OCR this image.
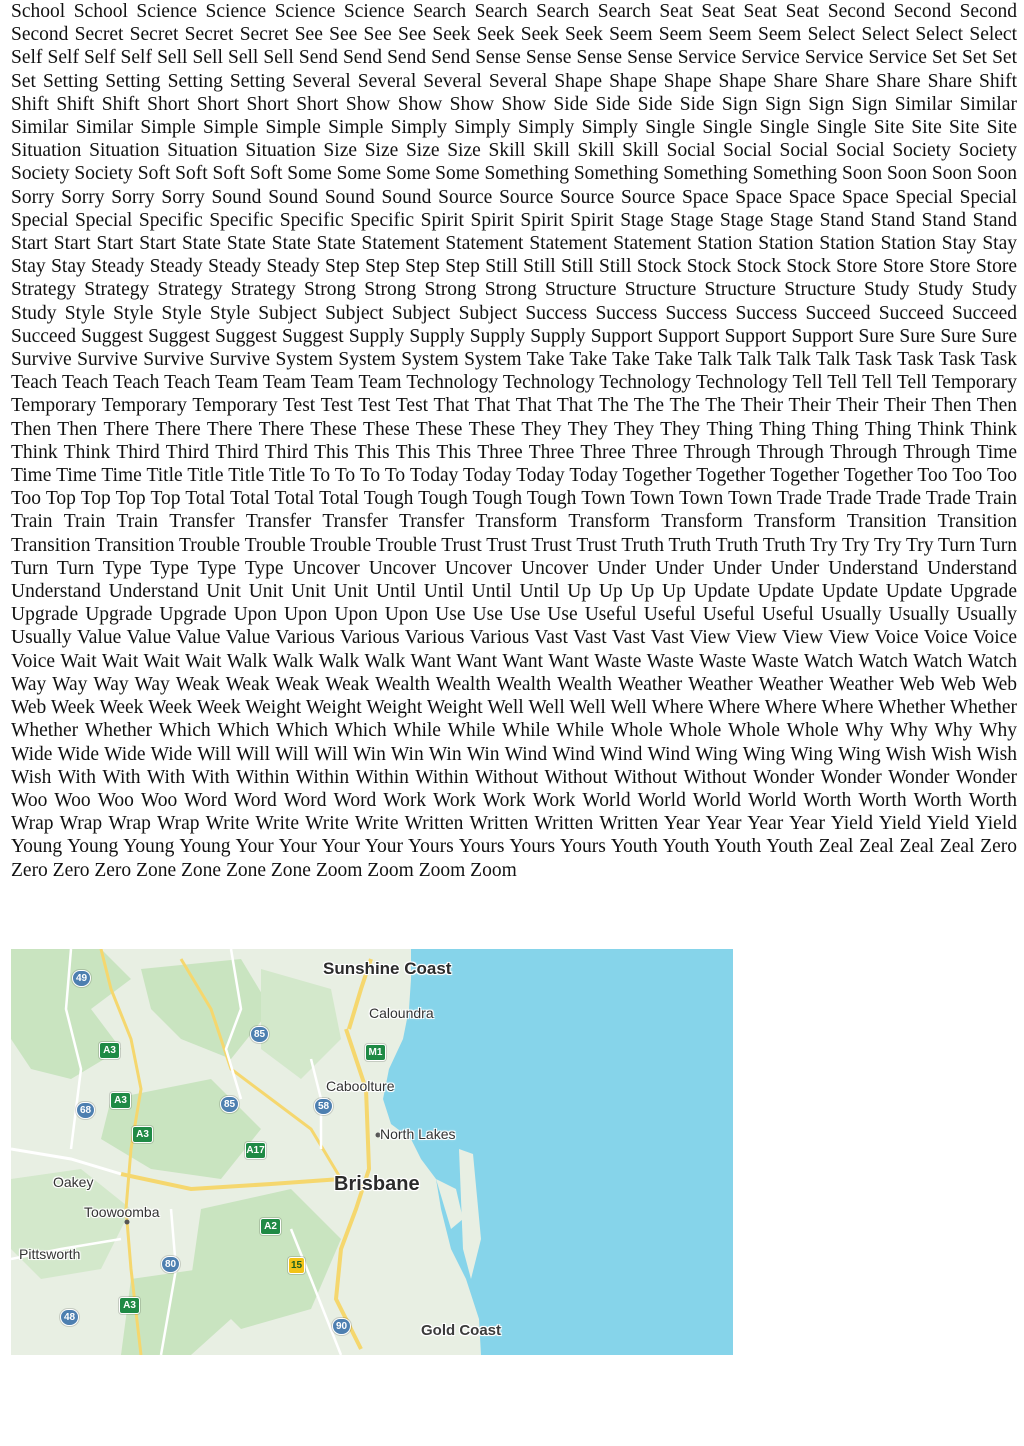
School School Science Science Science Science Search Search Search Search Seat Seat Seat Seat Second Second Second Second Secret Secret Secret Secret See See See See Seek Seek Seek Seek Seem Seem Seem Seem Select Select Select Select Self Self Self Self Sell Sell Sell Sell Send Send Send Send Sense Sense Sense Sense Service Service Service Service Set Set Set Set Setting Setting Setting Setting Several Several Several Several Shape Shape Shape Shape Share Share Share Share Shift Shift Shift Shift Short Short Short Short Show Show Show Show Side Side Side Side Sign Sign Sign Sign Similar Similar Similar Similar Simple Simple Simple Simple Simply Simply Simply Simply Single Single Single Single Site Site Site Site Situation Situation Situation Situation Size Size Size Size Skill Skill Skill Skill Social Social Social Social Society Society Society Society Soft Soft Soft Soft Some Some Some Some Something Something Something Something Soon Soon Soon Soon Sorry Sorry Sorry Sorry Sound Sound Sound Sound Source Source Source Source Space Space Space Space Special Special Special Special Specific Specific Specific Specific Spirit Spirit Spirit Spirit Stage Stage Stage Stage Stand Stand Stand Stand Start Start Start Start State State State State Statement Statement Statement Statement Station Station Station Station Stay Stay Stay Stay Steady Steady Steady Steady Step Step Step Step Still Still Still Still Stock Stock Stock Stock Store Store Store Store Strategy Strategy Strategy Strategy Strong Strong Strong Strong Structure Structure Structure Structure Study Study Study Study Style Style Style Style Subject Subject Subject Subject Success Success Success Success Succeed Succeed Succeed Succeed Suggest Suggest Suggest Suggest Supply Supply Supply Supply Support Support Support Support Sure Sure Sure Sure Survive Survive Survive Survive System System System System Take Take Take Take Talk Talk Talk Talk Task Task Task Task Teach Teach Teach Teach Team Team Team Team Technology Technology Technology Technology Tell Tell Tell Tell Temporary Temporary Temporary Temporary Test Test Test Test That That That That The The The The Their Their Their Their Then Then Then Then There There There There These These These These They They They They Thing Thing Thing Thing Think Think Think Think Third Third Third Third This This This This Three Three Three Three Through Through Through Through Time Time Time Time Title Title Title Title To To To To Today Today Today Today Together Together Together Together Too Too Too Too Top Top Top Top Total Total Total Total Tough Tough Tough Tough Town Town Town Town Trade Trade Trade Trade Train Train Train Train Transfer Transfer Transfer Transfer Transform Transform Transform Transform Transition Transition Transition Transition Trouble Trouble Trouble Trouble Trust Trust Trust Trust Truth Truth Truth Truth Try Try Try Try Turn Turn Turn Turn Type Type Type Type Uncover Uncover Uncover Uncover Under Under Under Under Understand Understand Understand Understand Unit Unit Unit Unit Until Until Until Until Up Up Up Up Update Update Update Update Upgrade Upgrade Upgrade Upgrade Upon Upon Upon Upon Use Use Use Use Useful Useful Useful Useful Usually Usually Usually Usually Value Value Value Value Various Various Various Various Vast Vast Vast Vast View View View View Voice Voice Voice Voice Wait Wait Wait Wait Walk Walk Walk Walk Want Want Want Want Waste Waste Waste Waste Watch Watch Watch Watch Way Way Way Way Weak Weak Weak Weak Wealth Wealth Wealth Wealth Weather Weather Weather Weather Web Web Web Web Week Week Week Week Weight Weight Weight Weight Well Well Well Well Where Where Where Where Whether Whether Whether Whether Which Which Which Which While While While While Whole Whole Whole Whole Why Why Why Why Wide Wide Wide Wide Will Will Will Will Win Win Win Win Wind Wind Wind Wind Wing Wing Wing Wing Wish Wish Wish Wish With With With With Within Within Within Within Without Without Without Without Wonder Wonder Wonder Wonder Woo Woo Woo Woo Word Word Word Word Work Work Work Work World World World World Worth Worth Worth Worth Wrap Wrap Wrap Wrap Write Write Write Write Written Written Written Written Year Year Year Year Yield Yield Yield Yield Young Young Young Young Your Your Your Your Yours Yours Yours Yours Youth Youth Youth Youth Zeal Zeal Zeal Zeal Zero Zero Zero Zero Zone Zone Zone Zone Zoom Zoom Zoom Zoom

Sunshine Coast
Caloundra
Caboolture
North Lakes
Brisbane
Oakey
Toowoomba
Pittsworth
Gold Coast
49
A3
85
M1
68
A3	85	58
A3
A17
A2
80	15
A3
48
90
